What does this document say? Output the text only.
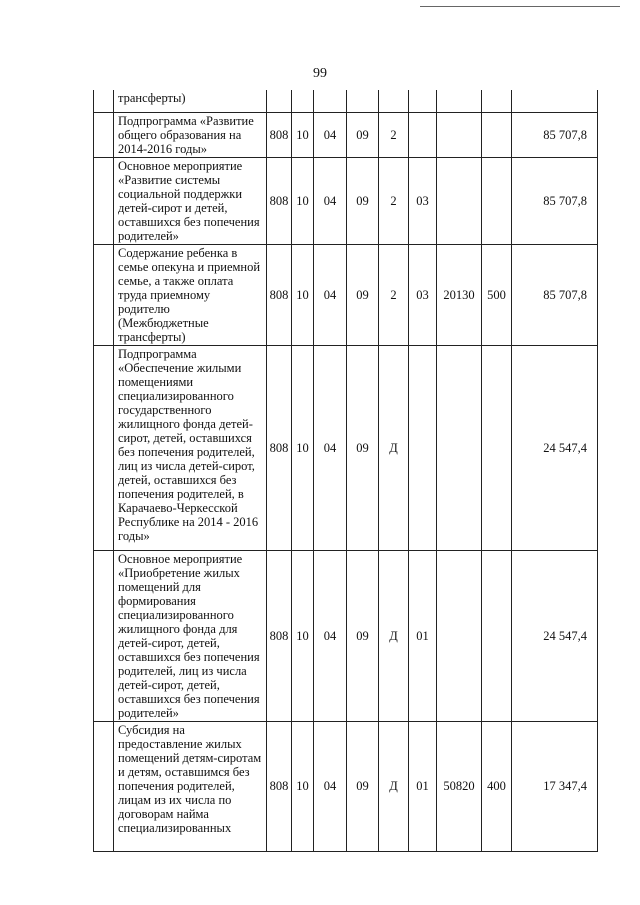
99
	трансферты)									
	Подпрограмма «Развитие общего образования на 2014-2016 годы»	808	10	04	09	2				85 707,8
	Основное мероприятие «Развитие системы социальной поддержки детей-сирот и детей, оставшихся без попечения родителей»	808	10	04	09	2	03			85 707,8
	Содержание ребенка в семье опекуна и приемной семье, а также оплата труда приемному родителю (Межбюджетные трансферты)	808	10	04	09	2	03	20130	500	85 707,8
	Подпрограмма «Обеспечение жилыми помещениями специализированного государственного жилищного фонда детей-сирот, детей, оставшихся без попечения родителей, лиц из числа детей-сирот, детей, оставшихся без попечения родителей, в Карачаево-Черкесской Республике на 2014 - 2016 годы»	808	10	04	09	Д				24 547,4
	Основное мероприятие «Приобретение жилых помещений для формирования специализированного жилищного фонда для детей-сирот, детей, оставшихся без попечения родителей, лиц из числа детей-сирот, детей, оставшихся без попечения родителей»	808	10	04	09	Д	01			24 547,4
	Субсидия на предоставление жилых помещений детям-сиротам и детям, оставшимся без попечения родителей, лицам из их числа по договорам найма специализированных	808	10	04	09	Д	01	50820	400	17 347,4
